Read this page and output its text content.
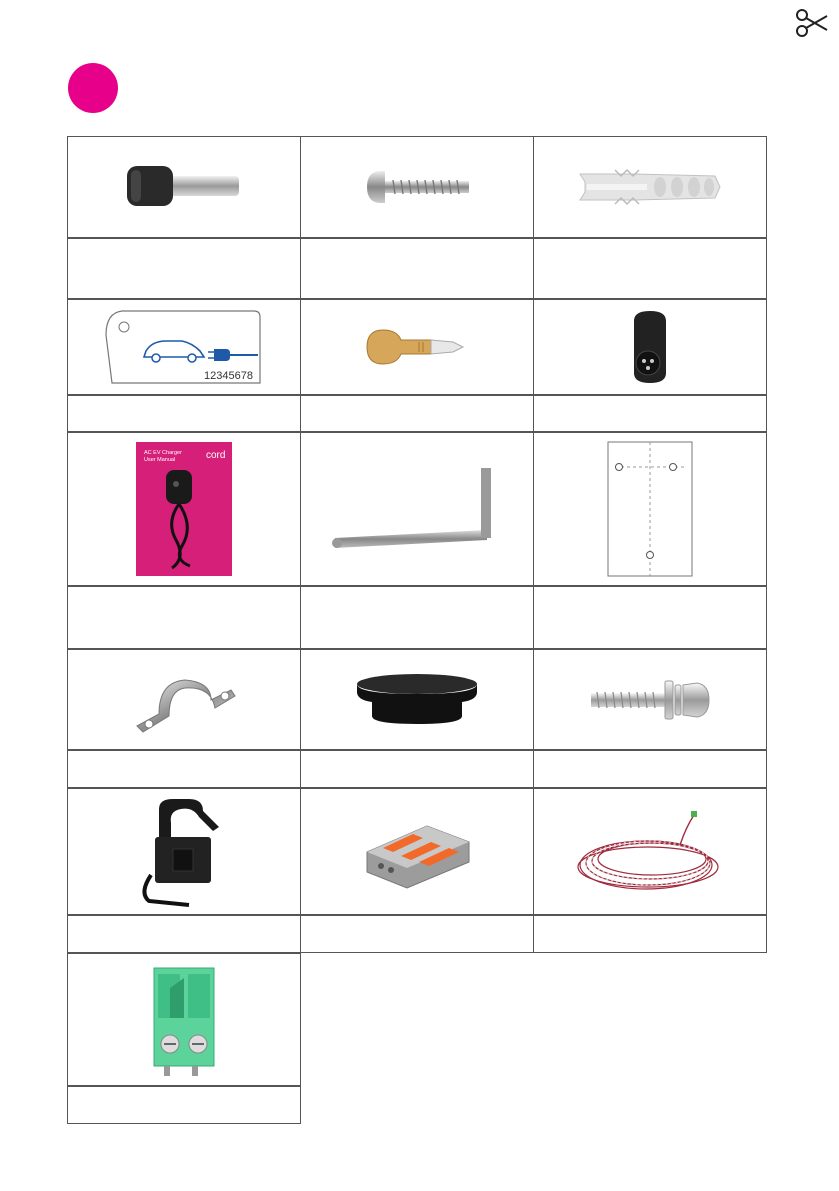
12345678
cord
AC EV Charger
User Manual
